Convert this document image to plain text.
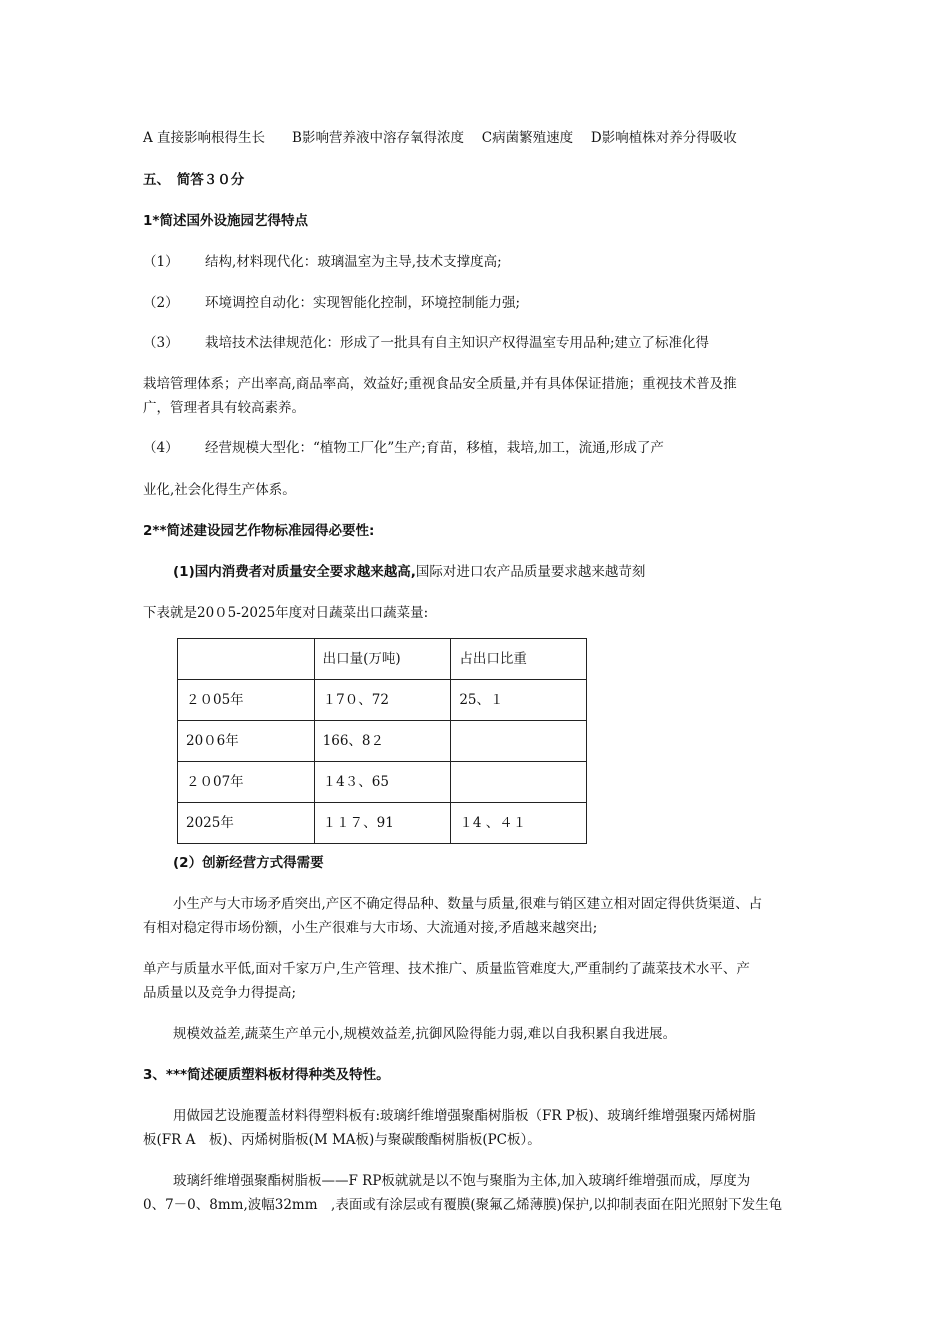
A 直接影响根得生长　　B影响营养液中溶存氧得浓度　 C病菌繁殖速度　 D影响植株对养分得吸收
五、　简答３０分
1*简述国外设施园艺得特点
（1） 结构,材料现代化：玻璃温室为主导,技术支撑度高;
（2） 环境调控自动化：实现智能化控制，环境控制能力强;
（3） 栽培技术法律规范化：形成了一批具有自主知识产权得温室专用品种;建立了标准化得
栽培管理体系；产出率高,商品率高，效益好;重视食品安全质量,并有具体保证措施；重视技术普及推
广，管理者具有较高素养。
（4） 经营规模大型化：“植物工厂化”生产;育苗，移植，栽培,加工，流通,形成了产
业化,社会化得生产体系。
2**简述建设园艺作物标准园得必要性:
(1)国内消费者对质量安全要求越来越高,国际对进口农产品质量要求越来越苛刻
下表就是20０5-2025年度对日蔬菜出口蔬菜量:
	出口量(万吨)	占出口比重
２０05年	１7０、72	25、１
20０6年	166、8２	
２０07年	１4３、65	
2025年	１１７、91	１4 、４１
(2）创新经营方式得需要
小生产与大市场矛盾突出,产区不确定得品种、数量与质量,很难与销区建立相对固定得供货渠道、占
有相对稳定得市场份额，小生产很难与大市场、大流通对接,矛盾越来越突出;
单产与质量水平低,面对千家万户,生产管理、技术推广、质量监管难度大,严重制约了蔬菜技术水平、产
品质量以及竞争力得提高;
规模效益差,蔬菜生产单元小,规模效益差,抗御风险得能力弱,难以自我积累自我进展。
3、***简述硬质塑料板材得种类及特性。
用做园艺设施覆盖材料得塑料板有:玻璃纤维增强聚酯树脂板（FR P板)、玻璃纤维增强聚丙烯树脂
板(FR A　板)、丙烯树脂板(M MA板)与聚碳酸酯树脂板(PC板）。
玻璃纤维增强聚酯树脂板——F RP板就就是以不饱与聚脂为主体,加入玻璃纤维增强而成，厚度为
0、7－0、8mm,波幅32mm　,表面或有涂层或有覆膜(聚氟乙烯薄膜)保护,以抑制表面在阳光照射下发生龟
